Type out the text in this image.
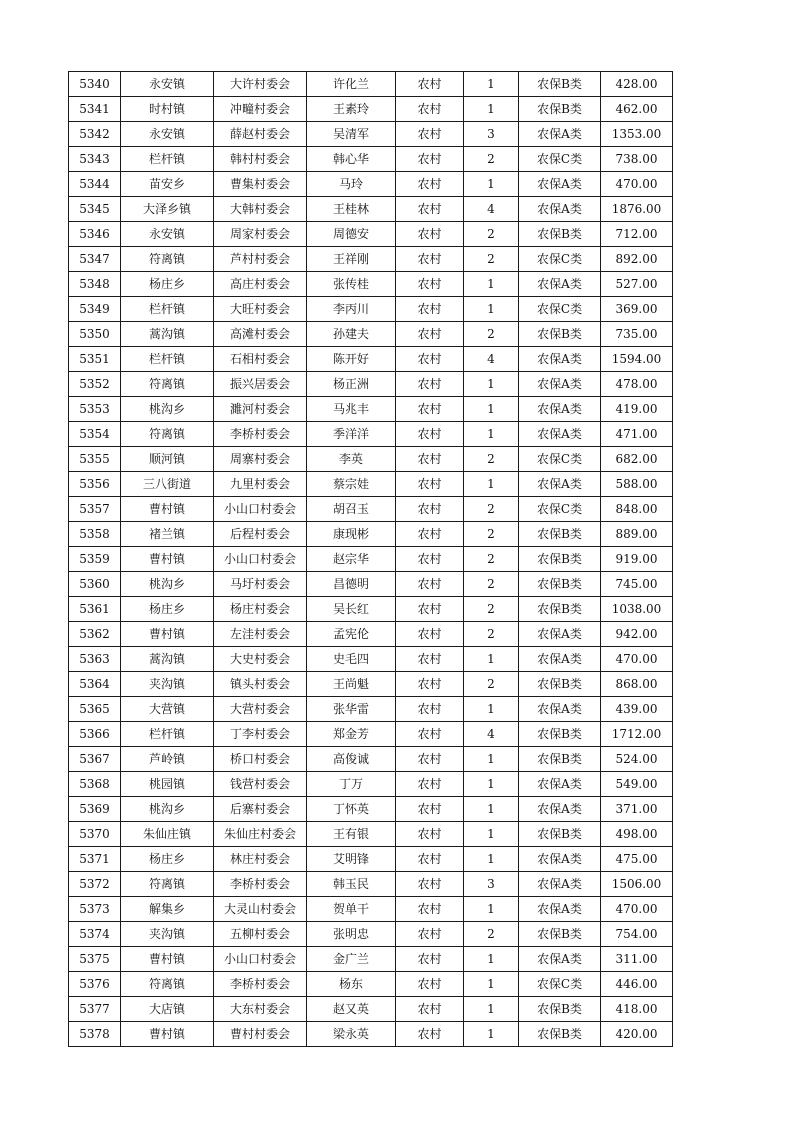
5340	永安镇	大许村委会	许化兰	农村	1	农保B类	428.00
5341	时村镇	冲疃村委会	王素玲	农村	1	农保B类	462.00
5342	永安镇	薛赵村委会	吴清军	农村	3	农保A类	1353.00
5343	栏杆镇	韩村村委会	韩心华	农村	2	农保C类	738.00
5344	苗安乡	曹集村委会	马玲	农村	1	农保A类	470.00
5345	大泽乡镇	大韩村委会	王桂林	农村	4	农保A类	1876.00
5346	永安镇	周家村委会	周德安	农村	2	农保B类	712.00
5347	符离镇	芦村村委会	王祥刚	农村	2	农保C类	892.00
5348	杨庄乡	高庄村委会	张传桂	农村	1	农保A类	527.00
5349	栏杆镇	大旺村委会	李丙川	农村	1	农保C类	369.00
5350	蒿沟镇	高滩村委会	孙建夫	农村	2	农保B类	735.00
5351	栏杆镇	石相村委会	陈开好	农村	4	农保A类	1594.00
5352	符离镇	振兴居委会	杨正洲	农村	1	农保A类	478.00
5353	桃沟乡	濉河村委会	马兆丰	农村	1	农保A类	419.00
5354	符离镇	李桥村委会	季洋洋	农村	1	农保A类	471.00
5355	顺河镇	周寨村委会	李英	农村	2	农保C类	682.00
5356	三八街道	九里村委会	蔡宗娃	农村	1	农保A类	588.00
5357	曹村镇	小山口村委会	胡召玉	农村	2	农保C类	848.00
5358	褚兰镇	后程村委会	康现彬	农村	2	农保B类	889.00
5359	曹村镇	小山口村委会	赵宗华	农村	2	农保B类	919.00
5360	桃沟乡	马圩村委会	昌德明	农村	2	农保B类	745.00
5361	杨庄乡	杨庄村委会	吴长红	农村	2	农保B类	1038.00
5362	曹村镇	左洼村委会	孟宪伦	农村	2	农保A类	942.00
5363	蒿沟镇	大史村委会	史毛四	农村	1	农保A类	470.00
5364	夹沟镇	镇头村委会	王尚魁	农村	2	农保B类	868.00
5365	大营镇	大营村委会	张华雷	农村	1	农保A类	439.00
5366	栏杆镇	丁李村委会	郑金芳	农村	4	农保B类	1712.00
5367	芦岭镇	桥口村委会	高俊诚	农村	1	农保B类	524.00
5368	桃园镇	钱营村委会	丁万	农村	1	农保A类	549.00
5369	桃沟乡	后寨村委会	丁怀英	农村	1	农保A类	371.00
5370	朱仙庄镇	朱仙庄村委会	王有银	农村	1	农保B类	498.00
5371	杨庄乡	林庄村委会	艾明锋	农村	1	农保A类	475.00
5372	符离镇	李桥村委会	韩玉民	农村	3	农保A类	1506.00
5373	解集乡	大灵山村委会	贺单干	农村	1	农保A类	470.00
5374	夹沟镇	五柳村委会	张明忠	农村	2	农保B类	754.00
5375	曹村镇	小山口村委会	金广兰	农村	1	农保A类	311.00
5376	符离镇	李桥村委会	杨东	农村	1	农保C类	446.00
5377	大店镇	大东村委会	赵又英	农村	1	农保B类	418.00
5378	曹村镇	曹村村委会	梁永英	农村	1	农保B类	420.00
